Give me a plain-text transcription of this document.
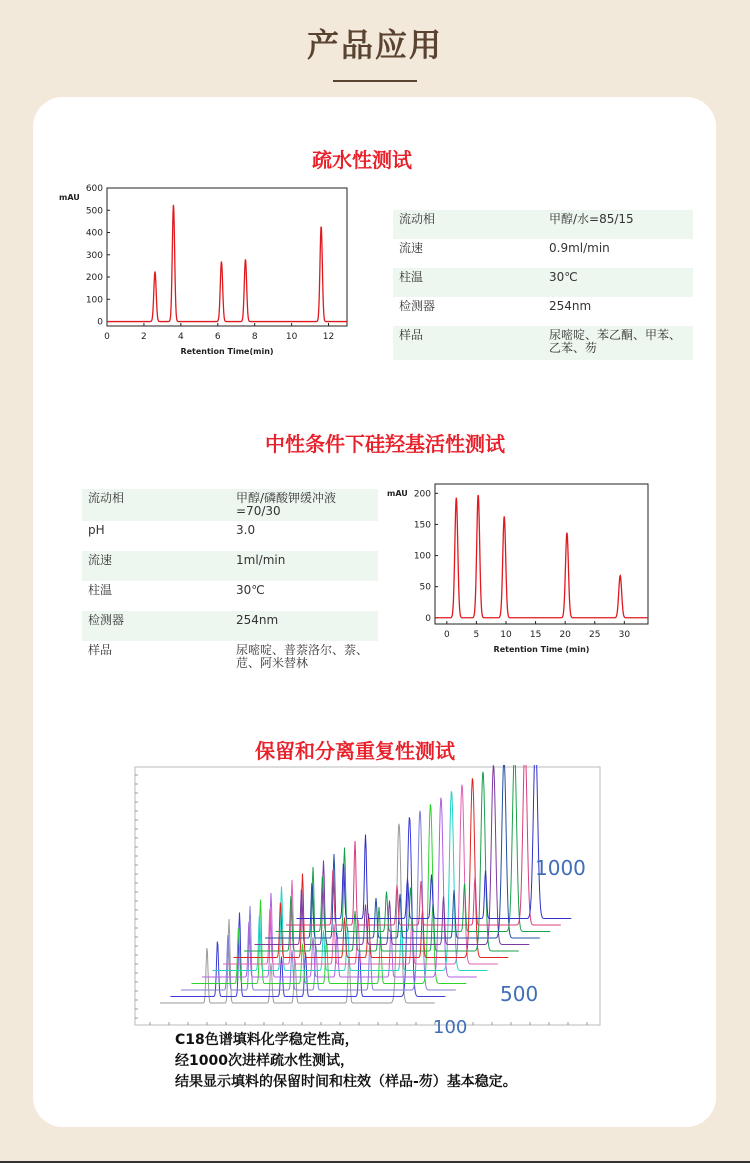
产品应用
疏水性测试
0	2	4	6	8	10	12
0
100
200
300
400
500
600
mAU
Retention Time(min)
色谱柱型号	C18,5μm，4.6*250mm
流动相	甲醇/水=85/15
流速	0.9ml/min
柱温	30℃
检测器	254nm
样品	尿嘧啶、苯乙酮、甲苯、乙苯、芴
中性条件下硅羟基活性测试
色谱柱型号	C18,5μm，4.6*250mm
流动相	甲醇/磷酸钾缓冲液=70/30
pH	3.0
流速	1ml/min
柱温	30℃
检测器	254nm
样品	尿嘧啶、普萘洛尔、萘、苊、阿米替林
0	5 10 15 20 25 30
0
50
100
150
200
mAU
Retention Time (min)
保留和分离重复性测试
1000
500
100
C18色谱填料化学稳定性高，
经1000次进样疏水性测试，
结果显示填料的保留时间和柱效（样品-芴）基本稳定。
